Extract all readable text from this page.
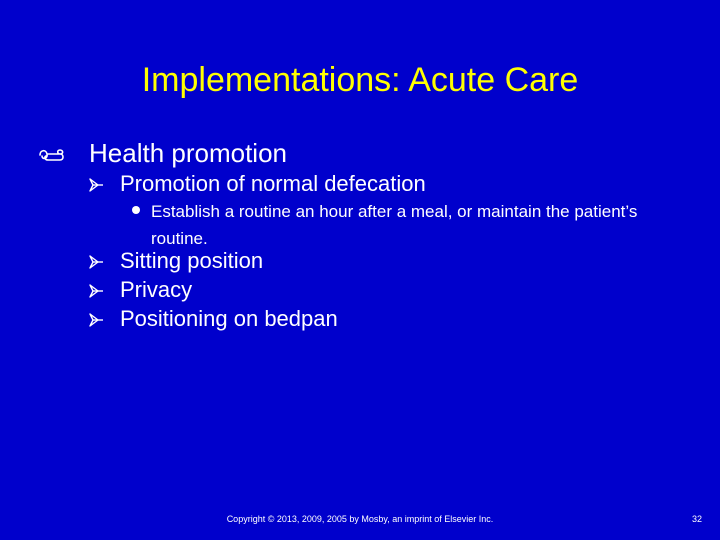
Implementations: Acute Care
Health promotion
Promotion of normal defecation
Establish a routine an hour after a meal, or maintain the patient’s routine.
Sitting position
Privacy
Positioning on bedpan
Copyright © 2013, 2009, 2005 by Mosby, an imprint of Elsevier Inc.	32
